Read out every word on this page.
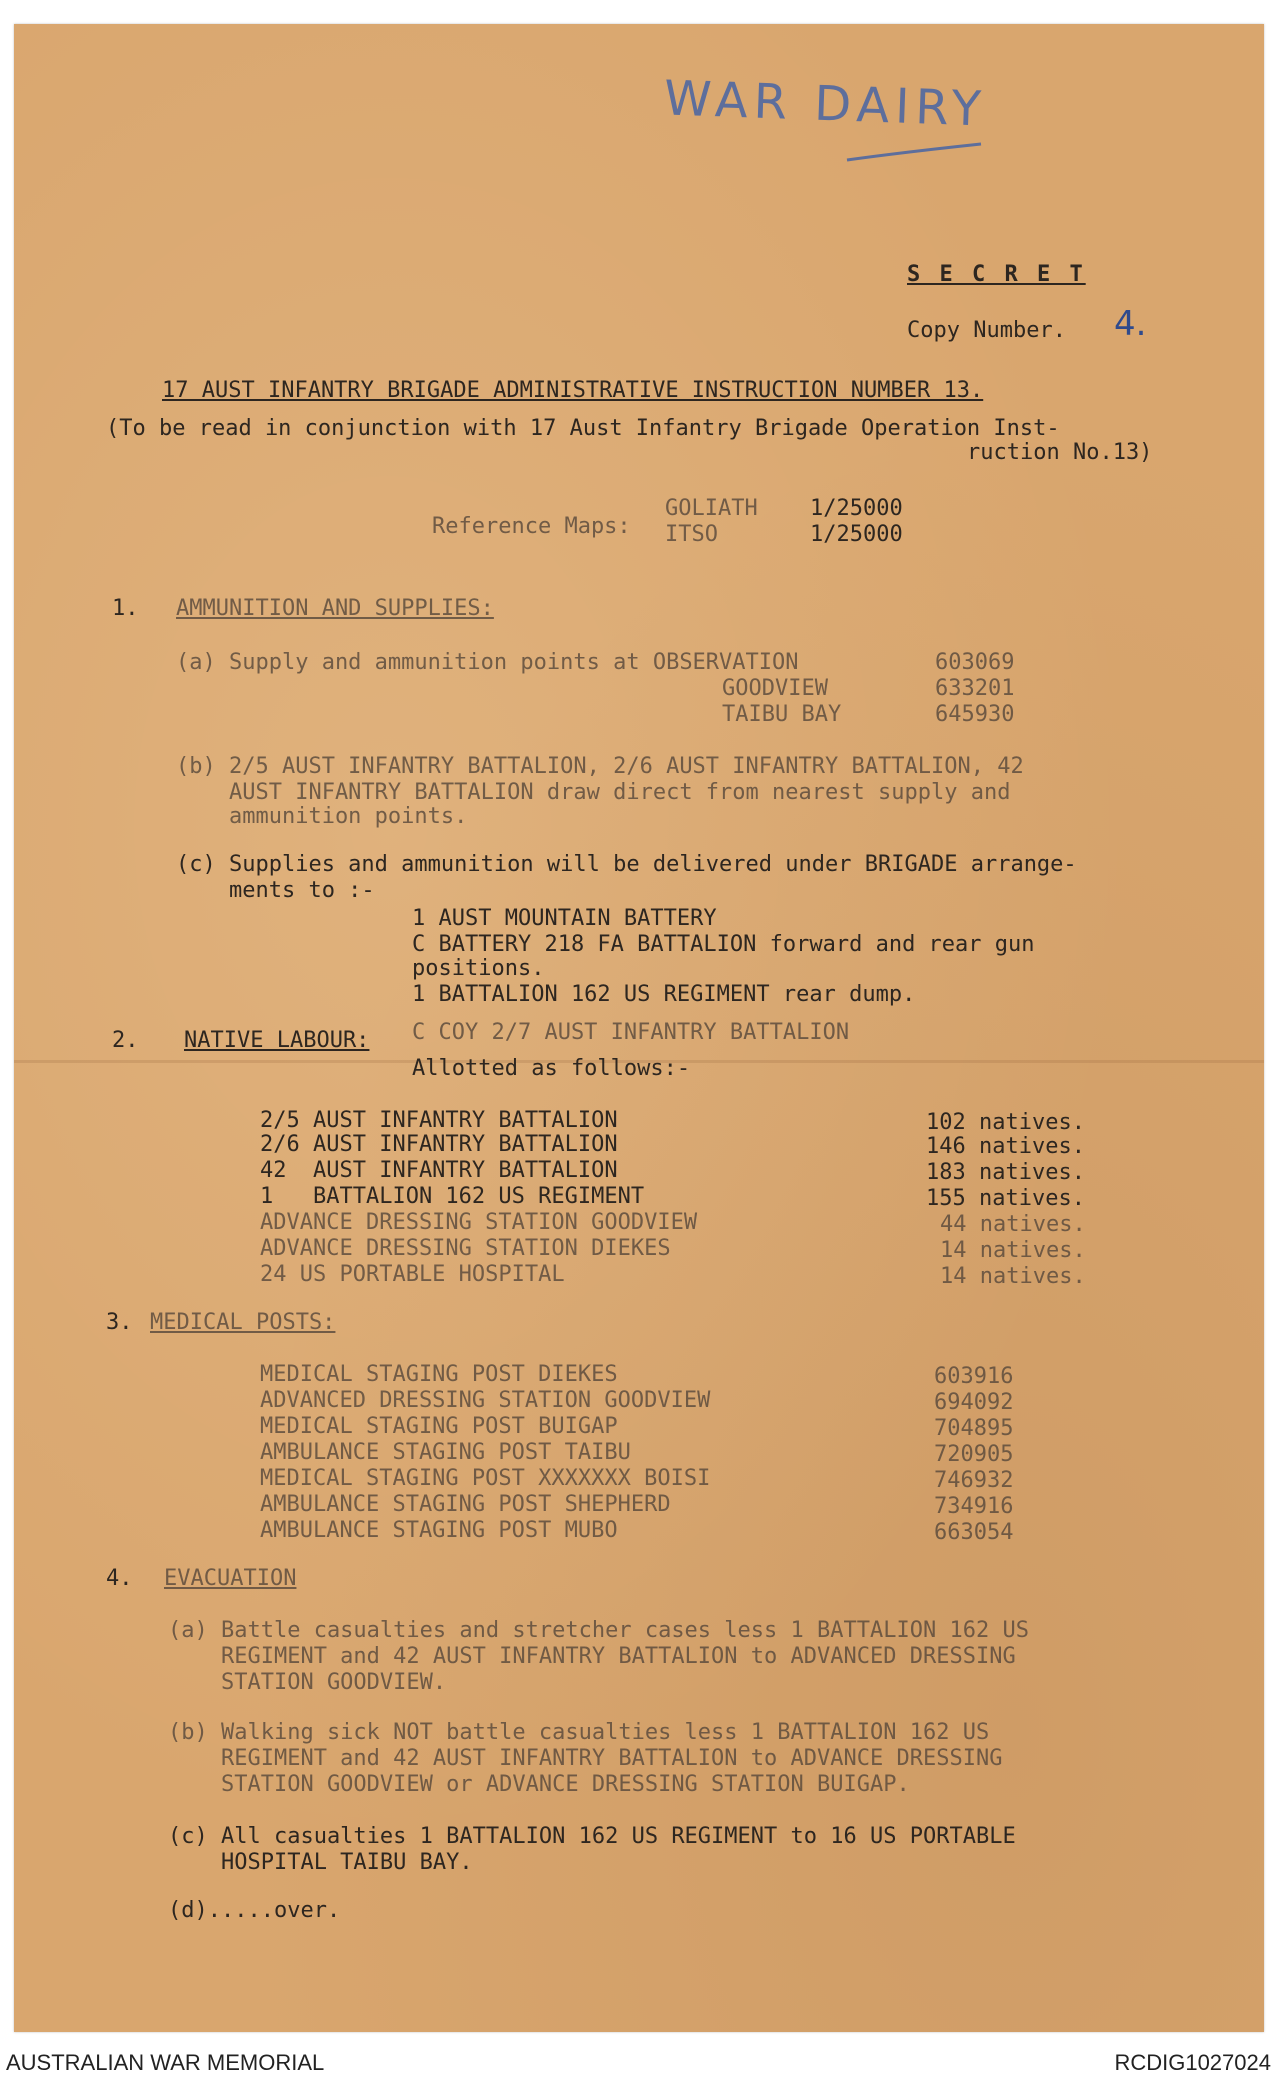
WAR DAIRY
S E C R E T
Copy Number. 4.
17 AUST INFANTRY BRIGADE ADMINISTRATIVE INSTRUCTION NUMBER 13.
(To be read in conjunction with 17 Aust Infantry Brigade Operation Inst-
ruction No.13)
Reference Maps:
GOLIATH 1/25000
ITSO	1/25000
1. AMMUNITION AND SUPPLIES:
(a) Supply and ammunition points at OBSERVATION	603069
GOODVIEW	633201
TAIBU BAY	645930
(b) 2/5 AUST INFANTRY BATTALION, 2/6 AUST INFANTRY BATTALION, 42
AUST INFANTRY BATTALION draw direct from nearest supply and
ammunition points.
(c) Supplies and ammunition will be delivered under BRIGADE arrange-
ments to :-
1 AUST MOUNTAIN BATTERY
C BATTERY 218 FA BATTALION forward and rear gun
positions.
1 BATTALION 162 US REGIMENT rear dump.
C COY 2/7 AUST INFANTRY BATTALION
2. NATIVE LABOUR:
Allotted as follows:-
2/5 AUST INFANTRY BATTALION	102 natives.
2/6 AUST INFANTRY BATTALION	146 natives.
42  AUST INFANTRY BATTALION	183 natives.
1   BATTALION 162 US REGIMENT	155 natives.
ADVANCE DRESSING STATION GOODVIEW	44 natives.
ADVANCE DRESSING STATION DIEKES	14 natives.
24 US PORTABLE HOSPITAL	14 natives.
3. MEDICAL POSTS:
MEDICAL STAGING POST DIEKES	603916
ADVANCED DRESSING STATION GOODVIEW	694092
MEDICAL STAGING POST BUIGAP	704895
AMBULANCE STAGING POST TAIBU	720905
MEDICAL STAGING POST XXXXXXX BOISI	746932
AMBULANCE STAGING POST SHEPHERD	734916
AMBULANCE STAGING POST MUBO	663054
4. EVACUATION
(a) Battle casualties and stretcher cases less 1 BATTALION 162 US
REGIMENT and 42 AUST INFANTRY BATTALION to ADVANCED DRESSING
STATION GOODVIEW.
(b) Walking sick NOT battle casualties less 1 BATTALION 162 US
REGIMENT and 42 AUST INFANTRY BATTALION to ADVANCE DRESSING
STATION GOODVIEW or ADVANCE DRESSING STATION BUIGAP.
(c) All casualties 1 BATTALION 162 US REGIMENT to 16 US PORTABLE
HOSPITAL TAIBU BAY.
(d).....over.
AUSTRALIAN WAR MEMORIAL	RCDIG1027024
